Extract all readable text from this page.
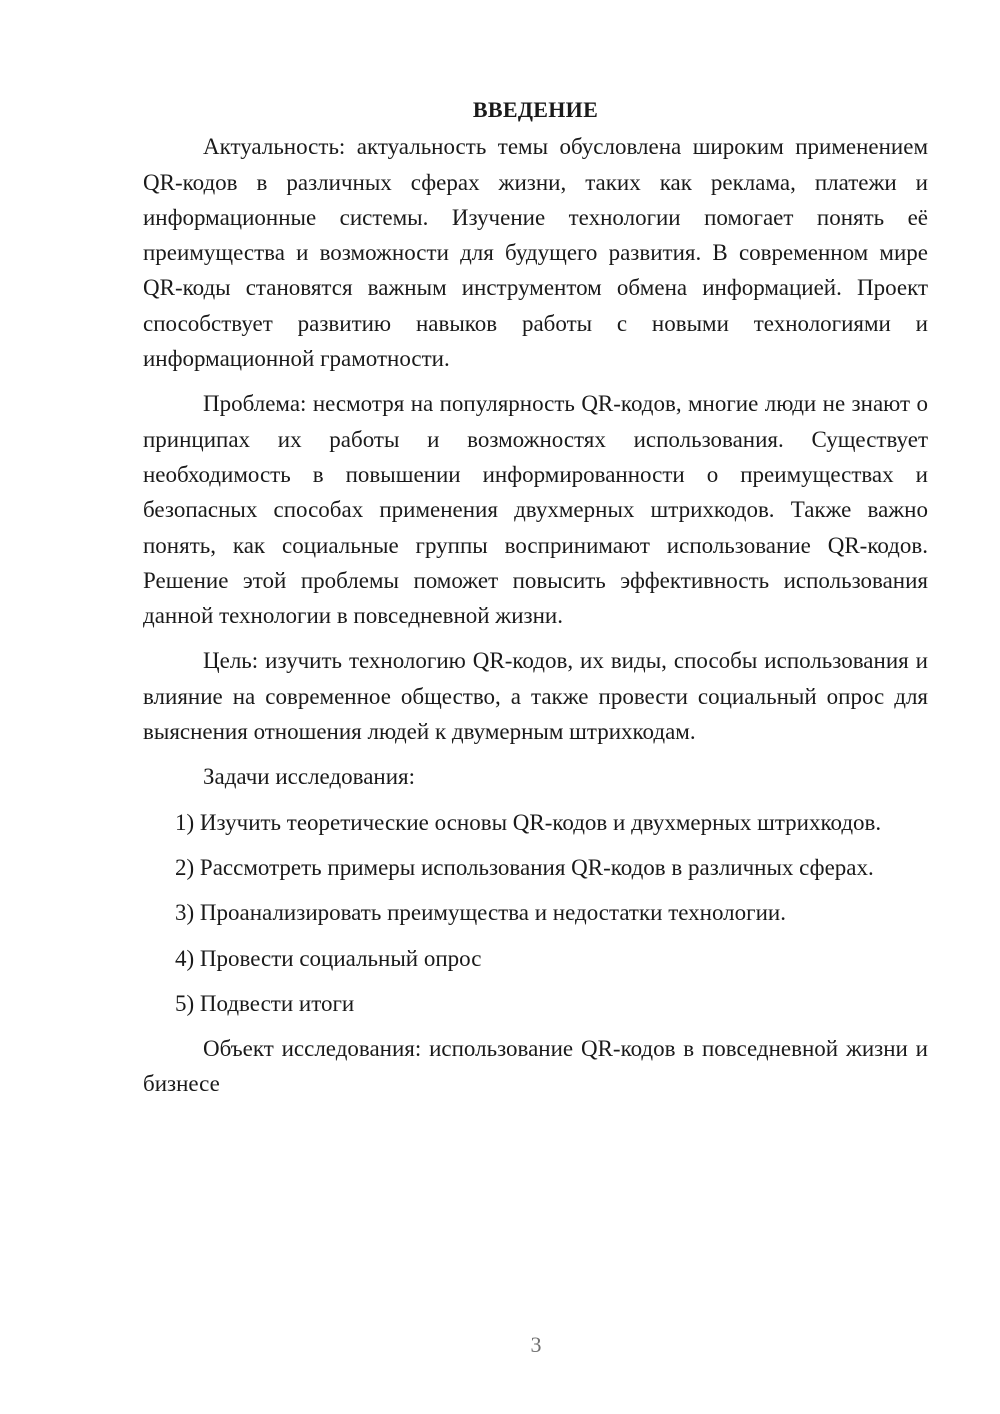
ВВЕДЕНИЕ

Актуальность: актуальность темы обусловлена широким применением QR-кодов в различных сферах жизни, таких как реклама, платежи и информационные системы. Изучение технологии помогает понять её преимущества и возможности для будущего развития. В современном мире QR-коды становятся важным инструментом обмена информацией. Проект способствует развитию навыков работы с новыми технологиями и информационной грамотности.

Проблема: несмотря на популярность QR-кодов, многие люди не знают о принципах их работы и возможностях использования. Существует необходимость в повышении информированности о преимуществах и безопасных способах применения двухмерных штрихкодов. Также важно понять, как социальные группы воспринимают использование QR-кодов. Решение этой проблемы поможет повысить эффективность использования данной технологии в повседневной жизни.

Цель: изучить технологию QR-кодов, их виды, способы использования и влияние на современное общество, а также провести социальный опрос для выяснения отношения людей к двумерным штрихкодам.

Задачи исследования:

1) Изучить теоретические основы QR-кодов и двухмерных штрихкодов.

2) Рассмотреть примеры использования QR-кодов в различных сферах.

3) Проанализировать преимущества и недостатки технологии.

4) Провести социальный опрос

5) Подвести итоги

Объект исследования: использование QR-кодов в повседневной жизни и бизнесе

3
